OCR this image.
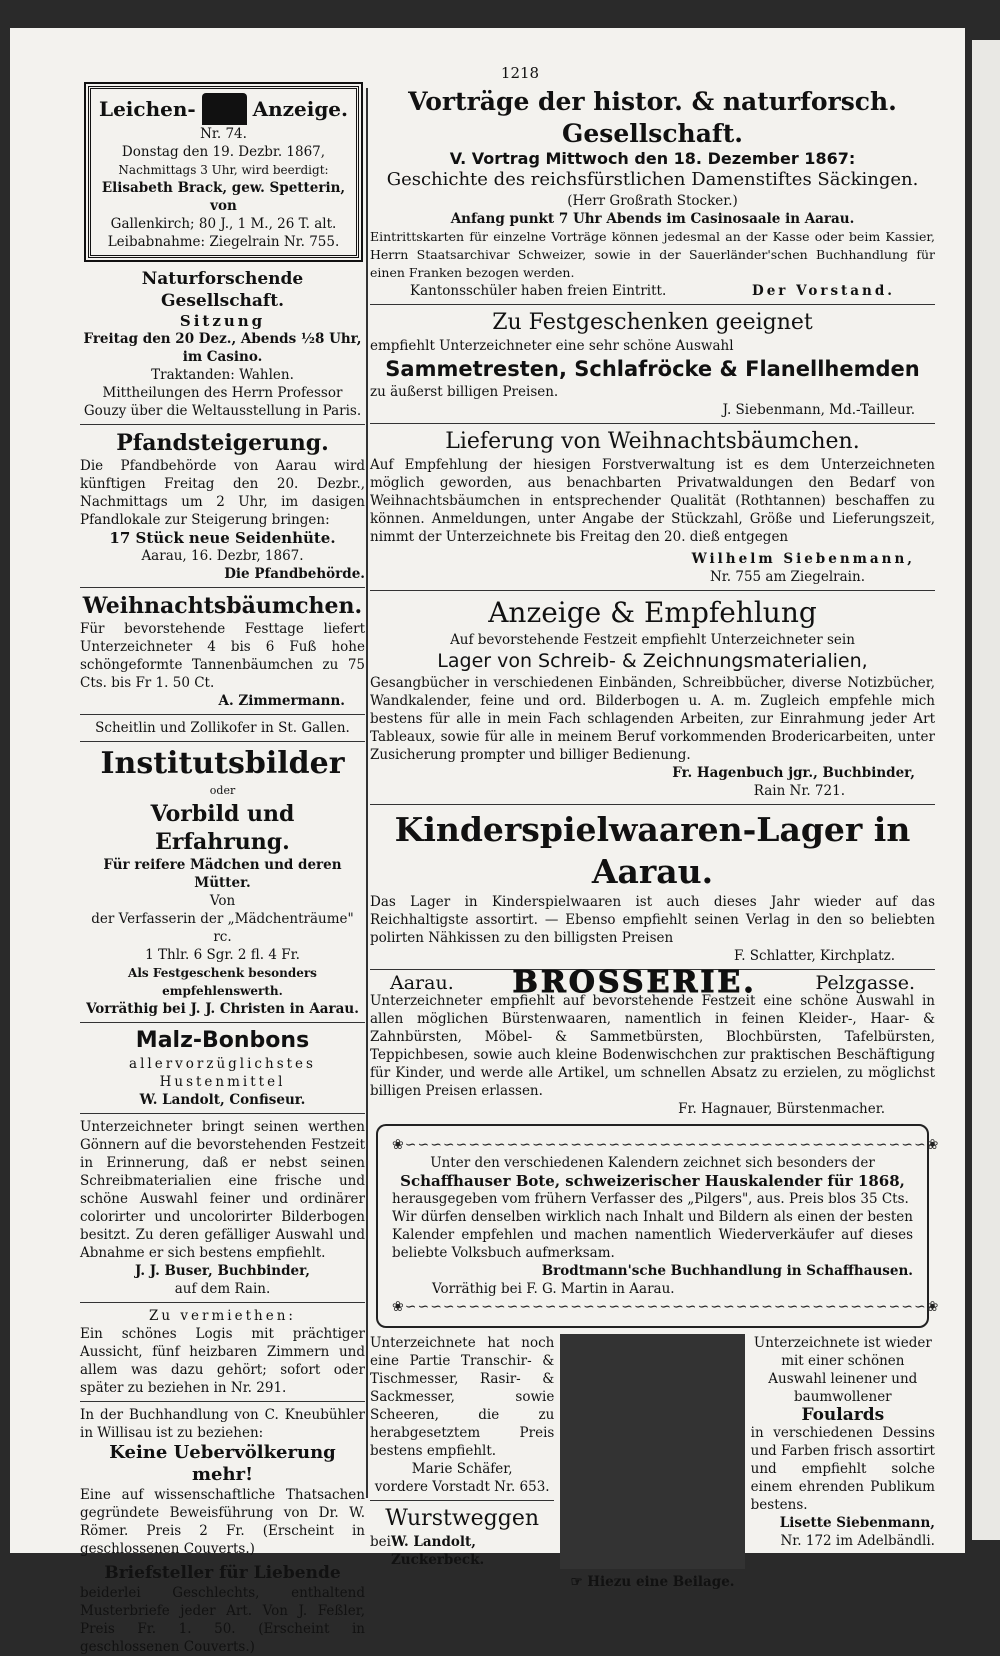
1218
Leichen-	Anzeige.
Nr. 74.
Donstag den 19. Dezbr. 1867,
Nachmittags 3 Uhr, wird beerdigt:
Elisabeth Brack, gew. Spetterin, von
Gallenkirch; 80 J., 1 M., 26 T. alt.
Leibabnahme: Ziegelrain Nr. 755.
Naturforschende Gesellschaft.
Sitzung
Freitag den 20 Dez., Abends ½8 Uhr,
im Casino.
Traktanden: Wahlen.
Mittheilungen des Herrn Professor Gouzy über die Weltausstellung in Paris.
Pfandsteigerung.
Die Pfandbehörde von Aarau wird künftigen Freitag den 20. Dezbr., Nachmittags um 2 Uhr, im dasigen Pfandlokale zur Steigerung bringen:
17 Stück neue Seidenhüte.
Aarau, 16. Dezbr, 1867.
Die Pfandbehörde.
Weihnachtsbäumchen.
Für bevorstehende Festtage liefert Unterzeichneter 4 bis 6 Fuß hohe schöngeformte Tannenbäumchen zu 75 Cts. bis Fr 1. 50 Ct.
A. Zimmermann.
Scheitlin und Zollikofer in St. Gallen.
Institutsbilder
oder
Vorbild und Erfahrung.
Für reifere Mädchen und deren Mütter.
Von
der Verfasserin der „Mädchenträume" rc.
1 Thlr. 6 Sgr. 2 fl. 4 Fr.
Als Festgeschenk besonders empfehlenswerth.
Vorräthig bei J. J. Christen in Aarau.
Malz-Bonbons
allervorzüglichstes Hustenmittel
W. Landolt, Confiseur.
Unterzeichneter bringt seinen werthen Gönnern auf die bevorstehenden Festzeit in Erinnerung, daß er nebst seinen Schreibmaterialien eine frische und schöne Auswahl feiner und ordinärer colorirter und uncolorirter Bilderbogen besitzt. Zu deren gefälliger Auswahl und Abnahme er sich bestens empfiehlt.
J. J. Buser, Buchbinder,
auf dem Rain.
Zu vermiethen:
Ein schönes Logis mit prächtiger Aussicht, fünf heizbaren Zimmern und allem was dazu gehört; sofort oder später zu beziehen in Nr. 291.
In der Buchhandlung von C. Kneubühler in Willisau ist zu beziehen:
Keine Uebervölkerung mehr!
Eine auf wissenschaftliche Thatsachen gegründete Beweisführung von Dr. W. Römer. Preis 2 Fr. (Erscheint in geschlossenen Couverts.)
Briefsteller für Liebende
beiderlei Geschlechts, enthaltend Musterbriefe jeder Art. Von J. Feßler, Preis Fr. 1. 50. (Erscheint in geschlossenen Couverts.)
Vorträge der histor. & naturforsch. Gesellschaft.
V. Vortrag Mittwoch den 18. Dezember 1867:
Geschichte des reichsfürstlichen Damenstiftes Säckingen.
(Herr Großrath Stocker.)
Anfang punkt 7 Uhr Abends im Casinosaale in Aarau.
Eintrittskarten für einzelne Vorträge können jedesmal an der Kasse oder beim Kassier, Herrn Staatsarchivar Schweizer, sowie in der Sauerländer'schen Buchhandlung für einen Franken bezogen werden.
Kantonsschüler haben freien Eintritt.	Der Vorstand.
Zu Festgeschenken geeignet
empfiehlt Unterzeichneter eine sehr schöne Auswahl
Sammetresten, Schlafröcke & Flanellhemden
zu äußerst billigen Preisen.
J. Siebenmann, Md.-Tailleur.
Lieferung von Weihnachtsbäumchen.
Auf Empfehlung der hiesigen Forstverwaltung ist es dem Unterzeichneten möglich geworden, aus benachbarten Privatwaldungen den Bedarf von Weihnachtsbäumchen in entsprechender Qualität (Rothtannen) beschaffen zu können. Anmeldungen, unter Angabe der Stückzahl, Größe und Lieferungszeit, nimmt der Unterzeichnete bis Freitag den 20. dieß entgegen
Wilhelm Siebenmann,
Nr. 755 am Ziegelrain.
Anzeige & Empfehlung
Auf bevorstehende Festzeit empfiehlt Unterzeichneter sein
Lager von Schreib- & Zeichnungsmaterialien,
Gesangbücher in verschiedenen Einbänden, Schreibbücher, diverse Notizbücher, Wandkalender, feine und ord. Bilderbogen u. A. m. Zugleich empfehle mich bestens für alle in mein Fach schlagenden Arbeiten, zur Einrahmung jeder Art Tableaux, sowie für alle in meinem Beruf vorkommenden Brodericarbeiten, unter Zusicherung prompter und billiger Bedienung.
Fr. Hagenbuch jgr., Buchbinder,
Rain Nr. 721.
Kinderspielwaaren-Lager in Aarau.
Das Lager in Kinderspielwaaren ist auch dieses Jahr wieder auf das Reichhaltigste assortirt. — Ebenso empfiehlt seinen Verlag in den so beliebten polirten Nähkissen zu den billigsten Preisen
F. Schlatter, Kirchplatz.
Aarau. BROSSERIE.	Pelzgasse.
Unterzeichneter empfiehlt auf bevorstehende Festzeit eine schöne Auswahl in allen möglichen Bürstenwaaren, namentlich in feinen Kleider-, Haar- & Zahnbürsten, Möbel- & Sammetbürsten, Blochbürsten, Tafelbürsten, Teppichbesen, sowie auch kleine Bodenwischchen zur praktischen Beschäftigung für Kinder, und werde alle Artikel, um schnellen Absatz zu erzielen, zu möglichst billigen Preisen erlassen.
Fr. Hagnauer, Bürstenmacher.
❀∽∽∽∽∽∽∽∽∽∽∽∽∽∽∽∽∽∽∽∽∽∽∽∽∽∽∽∽∽∽∽∽∽∽∽∽∽∽∽∽∽❀
Unter den verschiedenen Kalendern zeichnet sich besonders der
Schaffhauser Bote, schweizerischer Hauskalender für 1868,
herausgegeben vom frühern Verfasser des „Pilgers", aus. Preis blos 35 Cts.
Wir dürfen denselben wirklich nach Inhalt und Bildern als einen der besten Kalender empfehlen und machen namentlich Wiederverkäufer auf dieses beliebte Volksbuch aufmerksam.
Brodtmann'sche Buchhandlung in Schaffhausen.
Vorräthig bei F. G. Martin in Aarau.
❀∽∽∽∽∽∽∽∽∽∽∽∽∽∽∽∽∽∽∽∽∽∽∽∽∽∽∽∽∽∽∽∽∽∽∽∽∽∽∽∽∽❀
Unterzeichnete hat noch eine Partie Transchir- & Tischmesser, Rasir- & Sackmesser, sowie Scheeren, die zu herabgesetztem Preis bestens empfiehlt.
Marie Schäfer,
vordere Vorstadt Nr. 653.
Wurstweggen
bei W. Landolt, Zuckerbeck.
Unterzeichnete ist wieder mit einer schönen Auswahl leinener und baumwollener
Foulards
in verschiedenen Dessins und Farben frisch assortirt und empfiehlt solche einem ehrenden Publikum bestens.
Lisette Siebenmann,
Nr. 172 im Adelbändli.
☞ Hiezu eine Beilage.
